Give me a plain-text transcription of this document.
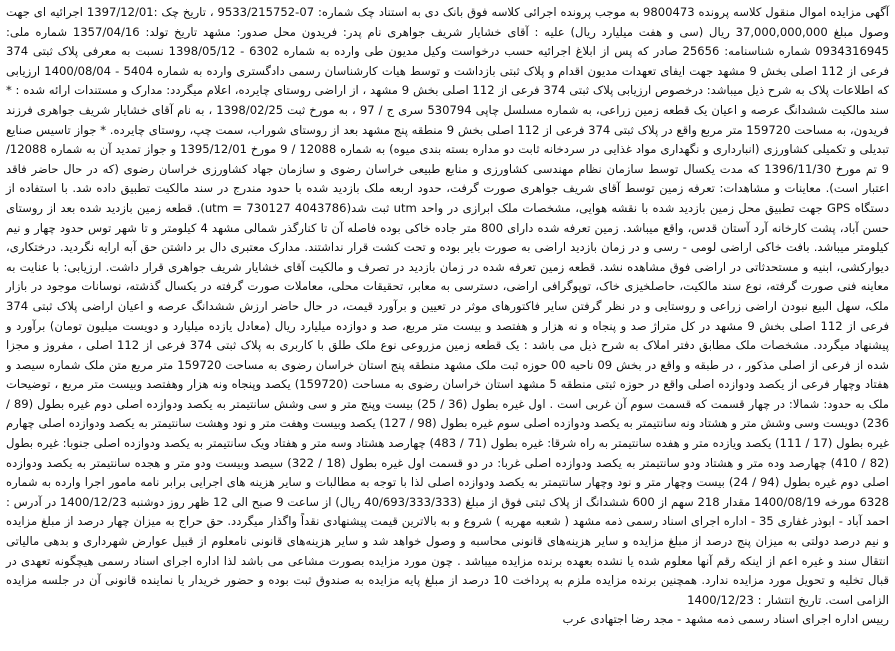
آگهی مزایده اموال منقول کلاسه پرونده 9800473 به موجب پرونده اجرائی کلاسه فوق بانک دی به استناد چک شماره: 07-9533/215752 ، تاریخ چک :1397/12/01 اجرائیه ای جهت وصول مبلغ 37,000,000,000 ریال (سی و هفت میلیارد ریال) علیه : آقای خشایار شریف جواهری نام پدر: فریدون محل صدور: مشهد تاریخ تولد: 1357/04/16 شماره ملی: 0934316945 شماره شناسنامه: 25656 صادر که پس از ابلاغ اجرائیه حسب درخواست وکیل مدیون طی وارده به شماره 6302 - 1398/05/12 نسبت به معرفی پلاک ثبتی 374 فرعی از 112 اصلی بخش 9 مشهد جهت ایفای تعهدات مدیون اقدام و پلاک ثبتی بازداشت و توسط هیات کارشناسان رسمی دادگستری وارده به شماره 5404 - 1400/08/04 ارزیابی که اطلاعات پلاک به شرح ذیل میباشد: درخصوص ارزیابی پلاک ثبتی 374 فرعی از 112 اصلی بخش 9 مشهد ، از اراضی روستای چایرده، اعلام میگردد: مدارک و مستندات ارائه شده : * سند مالکیت ششدانگ عرصه و اعیان یک قطعه زمین زراعی، به شماره مسلسل چاپی 530794 سری ج / 97 ، به مورخ ثبت 1398/02/25 ، به نام آقای خشایار شریف جواهری فرزند فریدون، به مساحت 159720 متر مربع واقع در پلاک ثبتی 374 فرعی از 112 اصلی بخش 9 منطقه پنج مشهد بعد از روستای شوراب، سمت چپ، روستای چایرده. * جواز تاسیس صنایع تبدیلی و تکمیلی کشاورزی (انبارداری و نگهداری مواد غذایی در سردخانه ثابت دو مداره بسته بندی میوه) به شماره 12088 / 9 مورخ 1395/12/01 و جواز تمدید آن به شماره 12088/ 9 تم مورخ 1396/11/30 که مدت یکسال توسط سازمان نظام مهندسی کشاورزی و منابع طبیعی خراسان رضوی و سازمان جهاد کشاورزی خراسان رضوی (که در حال حاضر فاقد اعتبار است). معاینات و مشاهدات: تعرفه زمین توسط آقای شریف جواهری صورت گرفت، حدود اربعه ملک بازدید شده با حدود مندرج در سند مالکیت تطبیق داده شد. با استفاده از دستگاه GPS جهت تطبیق محل زمین بازدید شده با نقشه هوایی، مشخصات ملک ابرازی در واحد utm ثبت شد(4043786 utm = 730127). قطعه زمین بازدید شده بعد از روستای حسن آباد، پشت کارخانه آرد آستان قدس، واقع میباشد. زمین تعرفه شده دارای 800 متر جاده خاکی بوده فاصله آن تا کنارگذر شمالی مشهد 4 کیلومتر و تا شهر توس حدود چهار و نیم کیلومتر میباشد. بافت خاکی اراضی لومی - رسی و در زمان بازدید اراضی به صورت بایر بوده و تحت کشت قرار نداشتند. مدارک معتبری دال بر داشتن حق آبه ارایه نگردید. درختکاری، دیوارکشی، ابنیه و مستحدثاتی در اراضی فوق مشاهده نشد. قطعه زمین تعرفه شده در زمان بازدید در تصرف و مالکیت آقای خشایار شریف جواهری قرار داشت. ارزیابی: با عنایت به معاینه فنی صورت گرفته، نوع سند مالکیت، حاصلخیزی خاک، توپوگرافی اراضی، دسترسی به معابر، تحقیقات محلی، معاملات صورت گرفته در یکسال گذشته، نوسانات موجود در بازار ملک، سهل البیع نبودن اراضی زراعی و روستایی و در نظر گرفتن سایر فاکتورهای موثر در تعیین و برآورد قیمت، در حال حاضر ارزش ششدانگ عرصه و اعیان اراضی پلاک ثبتی 374 فرعی از 112 اصلی بخش 9 مشهد در کل متراژ صد و پنجاه و نه هزار و هفتصد و بیست متر مربع، صد و دوازده میلیارد ریال (معادل یازده میلیارد و دویست میلیون تومان) برآورد و پیشنهاد میگردد. مشخصات ملک مطابق دفتر املاک به شرح ذیل می باشد : یک قطعه زمین مزروعی نوع ملک طلق با کاربری به پلاک ثبتی 374 فرعی از 112 اصلی ، مفروز و مجزا شده از فرعی از اصلی مذکور ، در طبقه و واقع در بخش 09 ناحیه 00 حوزه ثبت ملک مشهد منطقه پنج استان خراسان رضوی به مساحت 159720 متر مربع متن ملک شماره سیصد و هفتاد وچهار فرعی از یکصد ودوازده اصلی واقع در حوزه ثبتی منطقه 5 مشهد استان خراسان رضوی به مساحت (159720) یکصد وپنجاه ونه هزار وهفتصد وبیست متر مربع ، توضیحات ملک به حدود: شمالا: در چهار قسمت که قسمت سوم آن غربی است . اول غیره بطول (36 / 25) بیست وپنج متر و سی وشش سانتیمتر به یکصد ودوازده اصلی دوم غیره بطول (89 / 236) دویست وسی وشش متر و هشتاد ونه سانتیمتر به یکصد ودوازده اصلی سوم غیره بطول (98 / 127) یکصد وبیست وهفت متر و نود وهشت سانتیمتر به یکصد ودوازده اصلی چهارم غیره بطول (17 / 111) یکصد ویازده متر و هفده سانتیمتر به راه شرقا: غیره بطول (71 / 483) چهارصد هشتاد وسه متر و هفتاد ویک سانتیمتر به یکصد ودوازده اصلی جنوبا: غیره بطول (82 / 410) چهارصد وده متر و هشتاد ودو سانتیمتر به یکصد ودوازده اصلی غربا: در دو قسمت اول غیره بطول (18 / 322) سیصد وبیست ودو متر و هجده سانتیمتر به یکصد ودوازده اصلی دوم غیره بطول (94 / 24) بیست وچهار متر و نود وچهار سانتیمتر به یکصد ودوازده اصلی لذا با توجه به مطالبات و سایر هزینه های اجرایی برابر نامه مامور اجرا وارده به شماره 6328 مورخه 1400/08/19 مقدار 218 سهم از 600 ششدانگ از پلاک ثبتی فوق از مبلغ (40/693/333/333 ریال) از ساعت 9 صبح الی 12 ظهر روز دوشنبه 1400/12/23 در آدرس : احمد آباد - ابوذر غفاری 35 - اداره اجرای اسناد رسمی ذمه مشهد ( شعبه مهریه ) شروع و به بالاترین قیمت پیشنهادی نقداً واگذار میگردد. حق حراج به میزان چهار درصد از مبلغ مزایده و نیم درصد دولتی به میزان پنج درصد از مبلغ مزایده و سایر هزینه‌های قانونی محاسبه و وصول خواهد شد و سایر هزینه‌های قانونی نامعلوم از قبیل عوارض شهرداری و بدهی مالیاتی انتقال سند و غیره اعم از اینکه رقم آنها معلوم شده یا نشده بعهده برنده مزایده میباشد . چون مورد مزایده بصورت مشاعی می باشد لذا اداره اجرای اسناد رسمی هیچگونه تعهدی در قبال تخلیه و تحویل مورد مزایده ندارد. همچنین برنده مزایده ملزم به پرداخت 10 درصد از مبلغ پایه مزایده به صندوق ثبت بوده و حضور خریدار یا نماینده قانونی آن در جلسه مزایده الزامی است. تاریخ انتشار : 1400/12/23

رییس اداره اجرای اسناد رسمی ذمه مشهد - مجد رضا اجتهادی عرب
